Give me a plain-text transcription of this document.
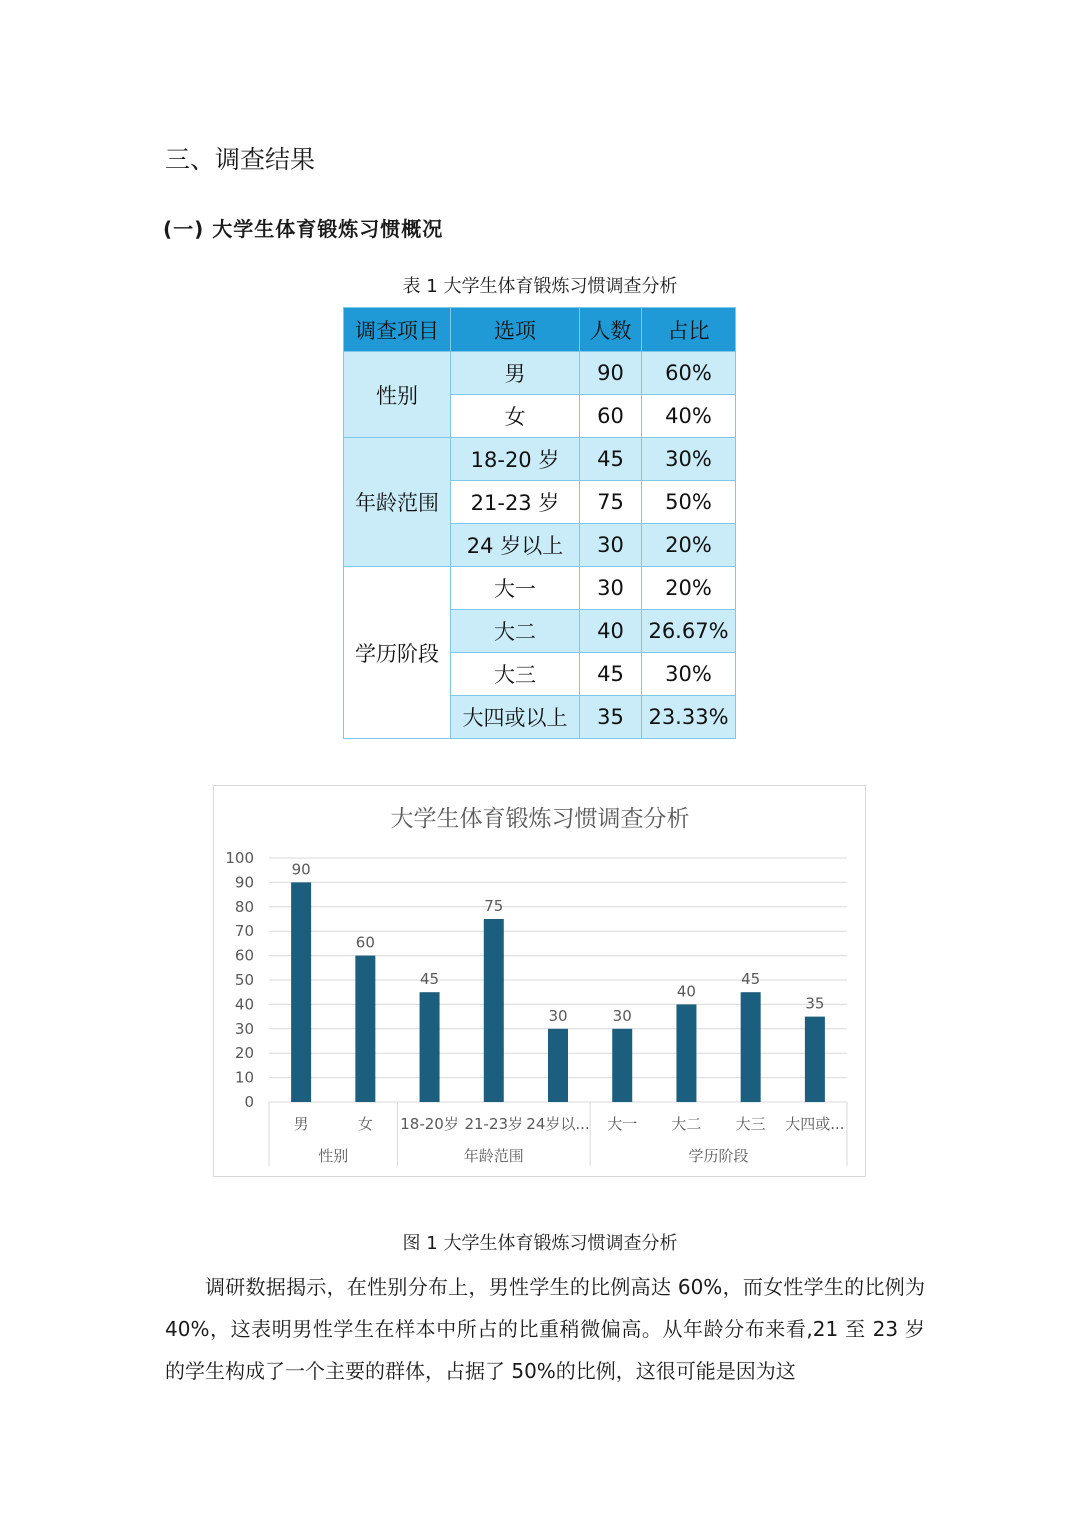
三、调查结果
(一) 大学生体育锻炼习惯概况
表 1 大学生体育锻炼习惯调查分析
调查项目	选项	人数	占比
性别	男	90	60%
	女	60	40%
年龄范围	18-20 岁	45	30%
	21-23 岁	75	50%
	24 岁以上	30	20%
学历阶段	大一	30	20%
	大二	40	26.67%
	大三	45	30%
	大四或以上	35	23.33%
大学生体育锻炼习惯调查分析
0
10
20
30
40
50
60
70
80
90
100
90
男
60
女
45
18-20岁
75
21-23岁
30
24岁以...
30
大一
40
大二
45
大三
35
大四或...
性别	年龄范围	学历阶段
图 1 大学生体育锻炼习惯调查分析
调研数据揭示，在性别分布上，男性学生的比例高达 60%，而女性学生的比例为 40%，这表明男性学生在样本中所占的比重稍微偏高。从年龄分布来看,21 至 23 岁的学生构成了一个主要的群体，占据了 50%的比例，这很可能是因为这
